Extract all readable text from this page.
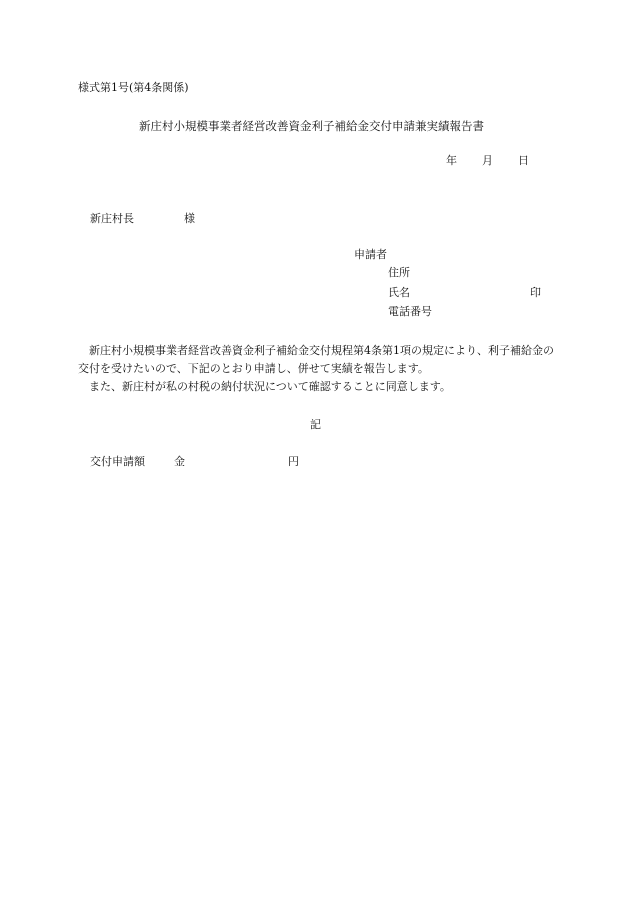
様式第1号(第4条関係)
新庄村小規模事業者経営改善資金利子補給金交付申請兼実績報告書
年 月 日
新庄村長	様
申請者
住所
氏名	印
電話番号

新庄村小規模事業者経営改善資金利子補給金交付規程第4条第1項の規定により、利子補給金の交付を受けたいので、下記のとおり申請し、併せて実績を報告します。

また、新庄村が私の村税の納付状況について確認することに同意します。

記
交付申請額	金	円
